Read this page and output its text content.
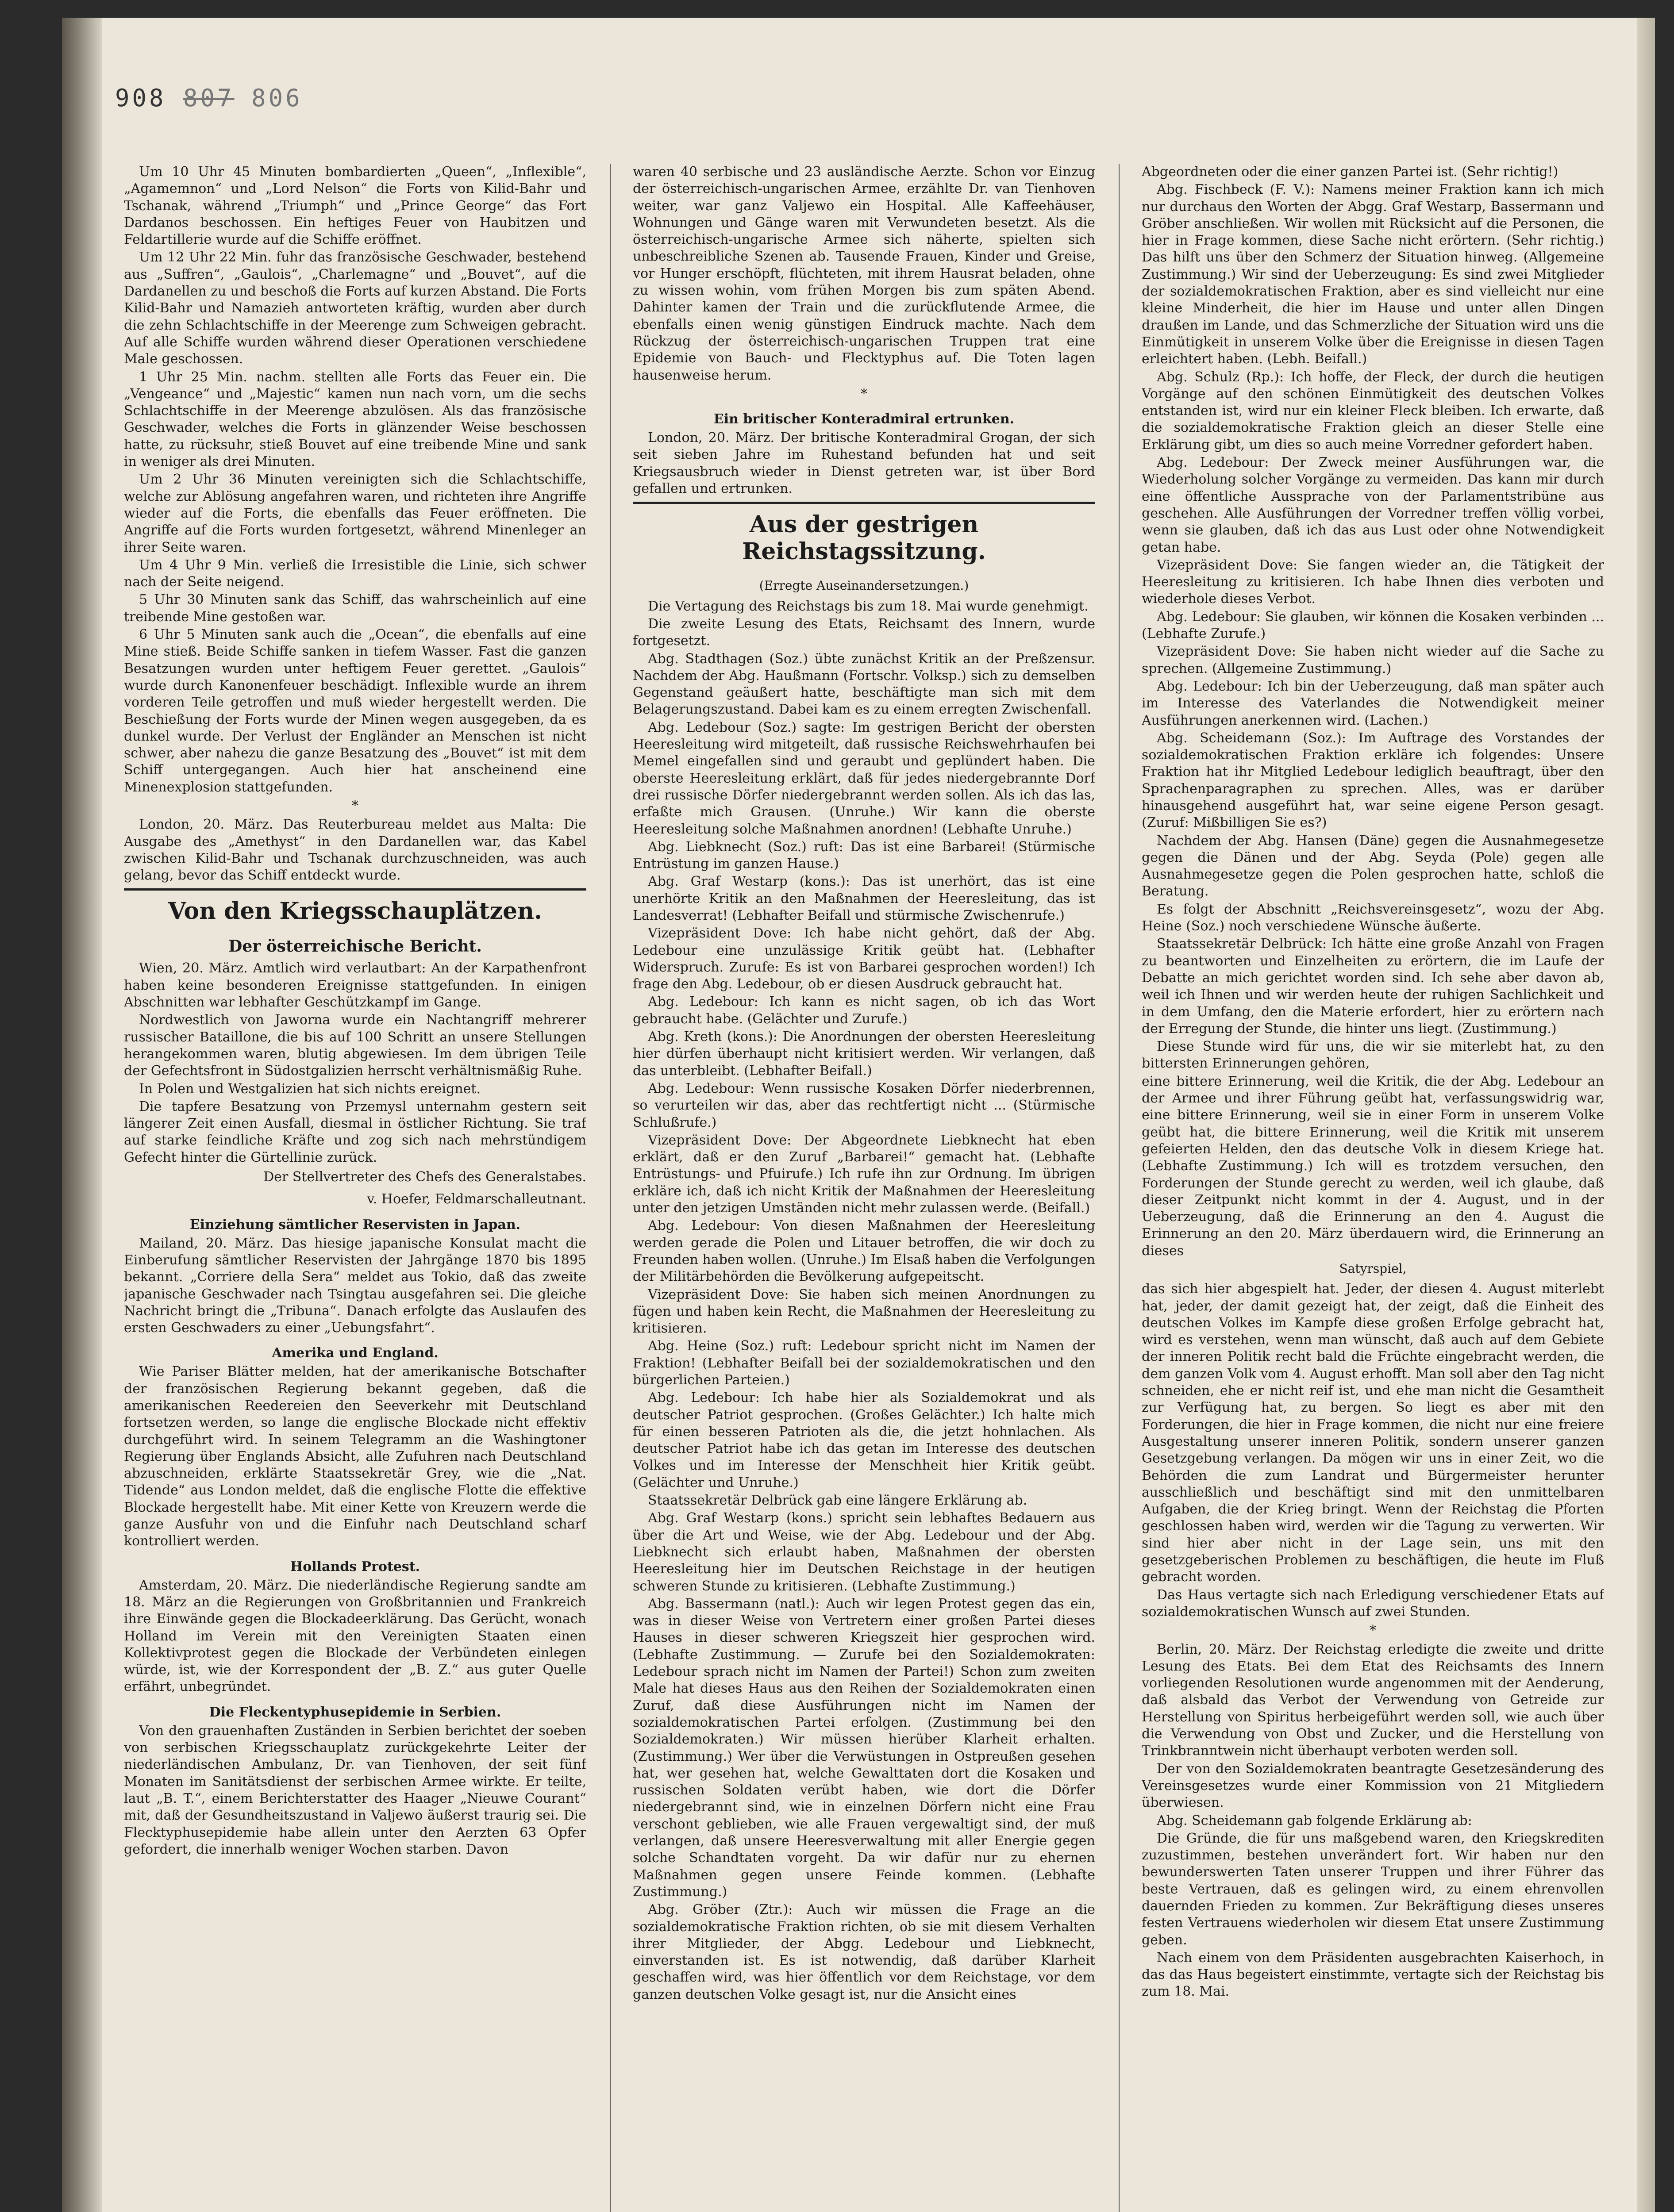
908 807 806

Um 10 Uhr 45 Minuten bombardierten „Queen“, „Inflexible“, „Agamemnon“ und „Lord Nelson“ die Forts von Kilid-Bahr und Tschanak, während „Triumph“ und „Prince George“ das Fort Dardanos beschossen. Ein heftiges Feuer von Haubitzen und Feldartillerie wurde auf die Schiffe eröffnet.

Um 12 Uhr 22 Min. fuhr das französische Geschwader, bestehend aus „Suffren“, „Gaulois“, „Charlemagne“ und „Bouvet“, auf die Dardanellen zu und beschoß die Forts auf kurzen Abstand. Die Forts Kilid-Bahr und Namazieh antworteten kräftig, wurden aber durch die zehn Schlachtschiffe in der Meerenge zum Schweigen gebracht. Auf alle Schiffe wurden während dieser Operationen verschiedene Male geschossen.

1 Uhr 25 Min. nachm. stellten alle Forts das Feuer ein. Die „Vengeance“ und „Majestic“ kamen nun nach vorn, um die sechs Schlachtschiffe in der Meerenge abzulösen. Als das französische Geschwader, welches die Forts in glänzender Weise beschossen hatte, zu rücksuhr, stieß Bouvet auf eine treibende Mine und sank in weniger als drei Minuten.

Um 2 Uhr 36 Minuten vereinigten sich die Schlachtschiffe, welche zur Ablösung angefahren waren, und richteten ihre Angriffe wieder auf die Forts, die ebenfalls das Feuer eröffneten. Die Angriffe auf die Forts wurden fortgesetzt, während Minenleger an ihrer Seite waren.

Um 4 Uhr 9 Min. verließ die Irresistible die Linie, sich schwer nach der Seite neigend.

5 Uhr 30 Minuten sank das Schiff, das wahrscheinlich auf eine treibende Mine gestoßen war.

6 Uhr 5 Minuten sank auch die „Ocean“, die ebenfalls auf eine Mine stieß. Beide Schiffe sanken in tiefem Wasser. Fast die ganzen Besatzungen wurden unter heftigem Feuer gerettet. „Gaulois“ wurde durch Kanonenfeuer beschädigt. Inflexible wurde an ihrem vorderen Teile getroffen und muß wieder hergestellt werden. Die Beschießung der Forts wurde der Minen wegen ausgegeben, da es dunkel wurde. Der Verlust der Engländer an Menschen ist nicht schwer, aber nahezu die ganze Besatzung des „Bouvet“ ist mit dem Schiff untergegangen. Auch hier hat anscheinend eine Minenexplosion stattgefunden.

*

London, 20. März. Das Reuterbureau meldet aus Malta: Die Ausgabe des „Amethyst“ in den Dardanellen war, das Kabel zwischen Kilid-Bahr und Tschanak durchzuschneiden, was auch gelang, bevor das Schiff entdeckt wurde.

Von den Kriegsschauplätzen.
Der österreichische Bericht.

Wien, 20. März. Amtlich wird verlautbart: An der Karpathenfront haben keine besonderen Ereignisse stattgefunden. In einigen Abschnitten war lebhafter Geschützkampf im Gange.

Nordwestlich von Jaworna wurde ein Nachtangriff mehrerer russischer Bataillone, die bis auf 100 Schritt an unsere Stellungen herangekommen waren, blutig abgewiesen. Im dem übrigen Teile der Gefechtsfront in Südostgalizien herrscht verhältnismäßig Ruhe.

In Polen und Westgalizien hat sich nichts ereignet.

Die tapfere Besatzung von Przemysl unternahm gestern seit längerer Zeit einen Ausfall, diesmal in östlicher Richtung. Sie traf auf starke feindliche Kräfte und zog sich nach mehrstündigem Gefecht hinter die Gürtellinie zurück.

Der Stellvertreter des Chefs des Generalstabes.

v. Hoefer, Feldmarschalleutnant.

Einziehung sämtlicher Reservisten in Japan.

Mailand, 20. März. Das hiesige japanische Konsulat macht die Einberufung sämtlicher Reservisten der Jahrgänge 1870 bis 1895 bekannt. „Corriere della Sera“ meldet aus Tokio, daß das zweite japanische Geschwader nach Tsingtau ausgefahren sei. Die gleiche Nachricht bringt die „Tribuna“. Danach erfolgte das Auslaufen des ersten Geschwaders zu einer „Uebungsfahrt“.

Amerika und England.

Wie Pariser Blätter melden, hat der amerikanische Botschafter der französischen Regierung bekannt gegeben, daß die amerikanischen Reedereien den Seeverkehr mit Deutschland fortsetzen werden, so lange die englische Blockade nicht effektiv durchgeführt wird. In seinem Telegramm an die Washingtoner Regierung über Englands Absicht, alle Zufuhren nach Deutschland abzuschneiden, erklärte Staatssekretär Grey, wie die „Nat. Tidende“ aus London meldet, daß die englische Flotte die effektive Blockade hergestellt habe. Mit einer Kette von Kreuzern werde die ganze Ausfuhr von und die Einfuhr nach Deutschland scharf kontrolliert werden.

Hollands Protest.

Amsterdam, 20. März. Die niederländische Regierung sandte am 18. März an die Regierungen von Großbritannien und Frankreich ihre Einwände gegen die Blockadeerklärung. Das Gerücht, wonach Holland im Verein mit den Vereinigten Staaten einen Kollektivprotest gegen die Blockade der Verbündeten einlegen würde, ist, wie der Korrespondent der „B. Z.“ aus guter Quelle erfährt, unbegründet.

Die Fleckentyphusepidemie in Serbien.

Von den grauenhaften Zuständen in Serbien berichtet der soeben von serbischen Kriegsschauplatz zurückgekehrte Leiter der niederländischen Ambulanz, Dr. van Tienhoven, der seit fünf Monaten im Sanitätsdienst der serbischen Armee wirkte. Er teilte, laut „B. T.“, einem Berichterstatter des Haager „Nieuwe Courant“ mit, daß der Gesundheitszustand in Valjewo äußerst traurig sei. Die Flecktyphusepidemie habe allein unter den Aerzten 63 Opfer gefordert, die innerhalb weniger Wochen starben. Davon

waren 40 serbische und 23 ausländische Aerzte. Schon vor Einzug der österreichisch-ungarischen Armee, erzählte Dr. van Tienhoven weiter, war ganz Valjewo ein Hospital. Alle Kaffeehäuser, Wohnungen und Gänge waren mit Verwundeten besetzt. Als die österreichisch-ungarische Armee sich näherte, spielten sich unbeschreibliche Szenen ab. Tausende Frauen, Kinder und Greise, vor Hunger erschöpft, flüchteten, mit ihrem Hausrat beladen, ohne zu wissen wohin, vom frühen Morgen bis zum späten Abend. Dahinter kamen der Train und die zurückflutende Armee, die ebenfalls einen wenig günstigen Eindruck machte. Nach dem Rückzug der österreichisch-ungarischen Truppen trat eine Epidemie von Bauch- und Flecktyphus auf. Die Toten lagen hausenweise herum.

*

Ein britischer Konteradmiral ertrunken.

London, 20. März. Der britische Konteradmiral Grogan, der sich seit sieben Jahre im Ruhestand befunden hat und seit Kriegsausbruch wieder in Dienst getreten war, ist über Bord gefallen und ertrunken.

Aus der gestrigen Reichstagssitzung.

(Erregte Auseinandersetzungen.)

Die Vertagung des Reichstags bis zum 18. Mai wurde genehmigt.

Die zweite Lesung des Etats, Reichsamt des Innern, wurde fortgesetzt.

Abg. Stadthagen (Soz.) übte zunächst Kritik an der Preßzensur. Nachdem der Abg. Haußmann (Fortschr. Volksp.) sich zu demselben Gegenstand geäußert hatte, beschäftigte man sich mit dem Belagerungszustand. Dabei kam es zu einem erregten Zwischenfall.

Abg. Ledebour (Soz.) sagte: Im gestrigen Bericht der obersten Heeresleitung wird mitgeteilt, daß russische Reichswehrhaufen bei Memel eingefallen sind und geraubt und geplündert haben. Die oberste Heeresleitung erklärt, daß für jedes niedergebrannte Dorf drei russische Dörfer niedergebrannt werden sollen. Als ich das las, erfaßte mich Grausen. (Unruhe.) Wir kann die oberste Heeresleitung solche Maßnahmen anordnen! (Lebhafte Unruhe.)

Abg. Liebknecht (Soz.) ruft: Das ist eine Barbarei! (Stürmische Entrüstung im ganzen Hause.)

Abg. Graf Westarp (kons.): Das ist unerhört, das ist eine unerhörte Kritik an den Maßnahmen der Heeresleitung, das ist Landesverrat! (Lebhafter Beifall und stürmische Zwischenrufe.)

Vizepräsident Dove: Ich habe nicht gehört, daß der Abg. Ledebour eine unzulässige Kritik geübt hat. (Lebhafter Widerspruch. Zurufe: Es ist von Barbarei gesprochen worden!) Ich frage den Abg. Ledebour, ob er diesen Ausdruck gebraucht hat.

Abg. Ledebour: Ich kann es nicht sagen, ob ich das Wort gebraucht habe. (Gelächter und Zurufe.)

Abg. Kreth (kons.): Die Anordnungen der obersten Heeresleitung hier dürfen überhaupt nicht kritisiert werden. Wir verlangen, daß das unterbleibt. (Lebhafter Beifall.)

Abg. Ledebour: Wenn russische Kosaken Dörfer niederbrennen, so verurteilen wir das, aber das rechtfertigt nicht ... (Stürmische Schlußrufe.)

Vizepräsident Dove: Der Abgeordnete Liebknecht hat eben erklärt, daß er den Zuruf „Barbarei!“ gemacht hat. (Lebhafte Entrüstungs- und Pfuirufe.) Ich rufe ihn zur Ordnung. Im übrigen erkläre ich, daß ich nicht Kritik der Maßnahmen der Heeresleitung unter den jetzigen Umständen nicht mehr zulassen werde. (Beifall.)

Abg. Ledebour: Von diesen Maßnahmen der Heeresleitung werden gerade die Polen und Litauer betroffen, die wir doch zu Freunden haben wollen. (Unruhe.) Im Elsaß haben die Verfolgungen der Militärbehörden die Bevölkerung aufgepeitscht.

Vizepräsident Dove: Sie haben sich meinen Anordnungen zu fügen und haben kein Recht, die Maßnahmen der Heeresleitung zu kritisieren.

Abg. Heine (Soz.) ruft: Ledebour spricht nicht im Namen der Fraktion! (Lebhafter Beifall bei der sozialdemokratischen und den bürgerlichen Parteien.)

Abg. Ledebour: Ich habe hier als Sozialdemokrat und als deutscher Patriot gesprochen. (Großes Gelächter.) Ich halte mich für einen besseren Patrioten als die, die jetzt hohnlachen. Als deutscher Patriot habe ich das getan im Interesse des deutschen Volkes und im Interesse der Menschheit hier Kritik geübt. (Gelächter und Unruhe.)

Staatssekretär Delbrück gab eine längere Erklärung ab.

Abg. Graf Westarp (kons.) spricht sein lebhaftes Bedauern aus über die Art und Weise, wie der Abg. Ledebour und der Abg. Liebknecht sich erlaubt haben, Maßnahmen der obersten Heeresleitung hier im Deutschen Reichstage in der heutigen schweren Stunde zu kritisieren. (Lebhafte Zustimmung.)

Abg. Bassermann (natl.): Auch wir legen Protest gegen das ein, was in dieser Weise von Vertretern einer großen Partei dieses Hauses in dieser schweren Kriegszeit hier gesprochen wird. (Lebhafte Zustimmung. — Zurufe bei den Sozialdemokraten: Ledebour sprach nicht im Namen der Partei!) Schon zum zweiten Male hat dieses Haus aus den Reihen der Sozialdemokraten einen Zuruf, daß diese Ausführungen nicht im Namen der sozialdemokratischen Partei erfolgen. (Zustimmung bei den Sozialdemokraten.) Wir müssen hierüber Klarheit erhalten. (Zustimmung.) Wer über die Verwüstungen in Ostpreußen gesehen hat, wer gesehen hat, welche Gewalttaten dort die Kosaken und russischen Soldaten verübt haben, wie dort die Dörfer niedergebrannt sind, wie in einzelnen Dörfern nicht eine Frau verschont geblieben, wie alle Frauen vergewaltigt sind, der muß verlangen, daß unsere Heeresverwaltung mit aller Energie gegen solche Schandtaten vorgeht. Da wir dafür nur zu ehernen Maßnahmen gegen unsere Feinde kommen. (Lebhafte Zustimmung.)

Abg. Gröber (Ztr.): Auch wir müssen die Frage an die sozialdemokratische Fraktion richten, ob sie mit diesem Verhalten ihrer Mitglieder, der Abgg. Ledebour und Liebknecht, einverstanden ist. Es ist notwendig, daß darüber Klarheit geschaffen wird, was hier öffentlich vor dem Reichstage, vor dem ganzen deutschen Volke gesagt ist, nur die Ansicht eines

Abgeordneten oder die einer ganzen Partei ist. (Sehr richtig!)

Abg. Fischbeck (F. V.): Namens meiner Fraktion kann ich mich nur durchaus den Worten der Abgg. Graf Westarp, Bassermann und Gröber anschließen. Wir wollen mit Rücksicht auf die Personen, die hier in Frage kommen, diese Sache nicht erörtern. (Sehr richtig.) Das hilft uns über den Schmerz der Situation hinweg. (Allgemeine Zustimmung.) Wir sind der Ueberzeugung: Es sind zwei Mitglieder der sozialdemokratischen Fraktion, aber es sind vielleicht nur eine kleine Minderheit, die hier im Hause und unter allen Dingen draußen im Lande, und das Schmerzliche der Situation wird uns die Einmütigkeit in unserem Volke über die Ereignisse in diesen Tagen erleichtert haben. (Lebh. Beifall.)

Abg. Schulz (Rp.): Ich hoffe, der Fleck, der durch die heutigen Vorgänge auf den schönen Einmütigkeit des deutschen Volkes entstanden ist, wird nur ein kleiner Fleck bleiben. Ich erwarte, daß die sozialdemokratische Fraktion gleich an dieser Stelle eine Erklärung gibt, um dies so auch meine Vorredner gefordert haben.

Abg. Ledebour: Der Zweck meiner Ausführungen war, die Wiederholung solcher Vorgänge zu vermeiden. Das kann mir durch eine öffentliche Aussprache von der Parlamentstribüne aus geschehen. Alle Ausführungen der Vorredner treffen völlig vorbei, wenn sie glauben, daß ich das aus Lust oder ohne Notwendigkeit getan habe.

Vizepräsident Dove: Sie fangen wieder an, die Tätigkeit der Heeresleitung zu kritisieren. Ich habe Ihnen dies verboten und wiederhole dieses Verbot.

Abg. Ledebour: Sie glauben, wir können die Kosaken verbinden ... (Lebhafte Zurufe.)

Vizepräsident Dove: Sie haben nicht wieder auf die Sache zu sprechen. (Allgemeine Zustimmung.)

Abg. Ledebour: Ich bin der Ueberzeugung, daß man später auch im Interesse des Vaterlandes die Notwendigkeit meiner Ausführungen anerkennen wird. (Lachen.)

Abg. Scheidemann (Soz.): Im Auftrage des Vorstandes der sozialdemokratischen Fraktion erkläre ich folgendes: Unsere Fraktion hat ihr Mitglied Ledebour lediglich beauftragt, über den Sprachenparagraphen zu sprechen. Alles, was er darüber hinausgehend ausgeführt hat, war seine eigene Person gesagt. (Zuruf: Mißbilligen Sie es?)

Nachdem der Abg. Hansen (Däne) gegen die Ausnahmegesetze gegen die Dänen und der Abg. Seyda (Pole) gegen alle Ausnahmegesetze gegen die Polen gesprochen hatte, schloß die Beratung.

Es folgt der Abschnitt „Reichsvereinsgesetz“, wozu der Abg. Heine (Soz.) noch verschiedene Wünsche äußerte.

Staatssekretär Delbrück: Ich hätte eine große Anzahl von Fragen zu beantworten und Einzelheiten zu erörtern, die im Laufe der Debatte an mich gerichtet worden sind. Ich sehe aber davon ab, weil ich Ihnen und wir werden heute der ruhigen Sachlichkeit und in dem Umfang, den die Materie erfordert, hier zu erörtern nach der Erregung der Stunde, die hinter uns liegt. (Zustimmung.)

Diese Stunde wird für uns, die wir sie miterlebt hat, zu den bittersten Erinnerungen gehören,

eine bittere Erinnerung, weil die Kritik, die der Abg. Ledebour an der Armee und ihrer Führung geübt hat, verfassungswidrig war, eine bittere Erinnerung, weil sie in einer Form in unserem Volke geübt hat, die bittere Erinnerung, weil die Kritik mit unserem gefeierten Helden, den das deutsche Volk in diesem Kriege hat. (Lebhafte Zustimmung.) Ich will es trotzdem versuchen, den Forderungen der Stunde gerecht zu werden, weil ich glaube, daß dieser Zeitpunkt nicht kommt in der 4. August, und in der Ueberzeugung, daß die Erinnerung an den 4. August die Erinnerung an den 20. März überdauern wird, die Erinnerung an dieses

Satyrspiel,

das sich hier abgespielt hat. Jeder, der diesen 4. August miterlebt hat, jeder, der damit gezeigt hat, der zeigt, daß die Einheit des deutschen Volkes im Kampfe diese großen Erfolge gebracht hat, wird es verstehen, wenn man wünscht, daß auch auf dem Gebiete der inneren Politik recht bald die Früchte eingebracht werden, die dem ganzen Volk vom 4. August erhofft. Man soll aber den Tag nicht schneiden, ehe er nicht reif ist, und ehe man nicht die Gesamtheit zur Verfügung hat, zu bergen. So liegt es aber mit den Forderungen, die hier in Frage kommen, die nicht nur eine freiere Ausgestaltung unserer inneren Politik, sondern unserer ganzen Gesetzgebung verlangen. Da mögen wir uns in einer Zeit, wo die Behörden die zum Landrat und Bürgermeister herunter ausschließlich und beschäftigt sind mit den unmittelbaren Aufgaben, die der Krieg bringt. Wenn der Reichstag die Pforten geschlossen haben wird, werden wir die Tagung zu verwerten. Wir sind hier aber nicht in der Lage sein, uns mit den gesetzgeberischen Problemen zu beschäftigen, die heute im Fluß gebracht worden.

Das Haus vertagte sich nach Erledigung verschiedener Etats auf sozialdemokratischen Wunsch auf zwei Stunden.

*

Berlin, 20. März. Der Reichstag erledigte die zweite und dritte Lesung des Etats. Bei dem Etat des Reichsamts des Innern vorliegenden Resolutionen wurde angenommen mit der Aenderung, daß alsbald das Verbot der Verwendung von Getreide zur Herstellung von Spiritus herbeigeführt werden soll, wie auch über die Verwendung von Obst und Zucker, und die Herstellung von Trinkbranntwein nicht überhaupt verboten werden soll.

Der von den Sozialdemokraten beantragte Gesetzesänderung des Vereinsgesetzes wurde einer Kommission von 21 Mitgliedern überwiesen.

Abg. Scheidemann gab folgende Erklärung ab:

Die Gründe, die für uns maßgebend waren, den Kriegskrediten zuzustimmen, bestehen unverändert fort. Wir haben nur den bewunderswerten Taten unserer Truppen und ihrer Führer das beste Vertrauen, daß es gelingen wird, zu einem ehrenvollen dauernden Frieden zu kommen. Zur Bekräftigung dieses unseres festen Vertrauens wiederholen wir diesem Etat unsere Zustimmung geben.

Nach einem von dem Präsidenten ausgebrachten Kaiserhoch, in das das Haus begeistert einstimmte, vertagte sich der Reichstag bis zum 18. Mai.
